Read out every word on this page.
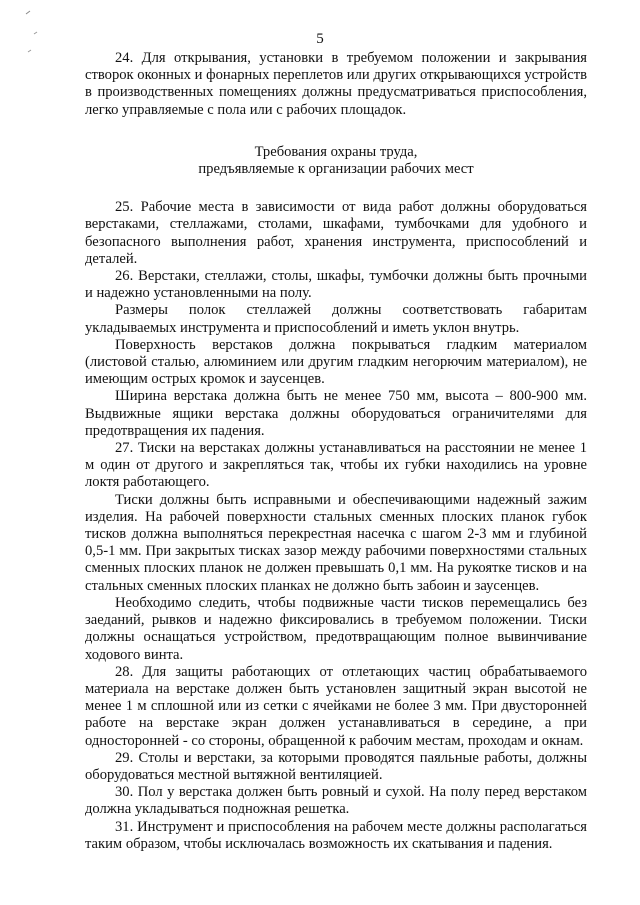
5

24. Для открывания, установки в требуемом положении и закрывания створок оконных и фонарных переплетов или других открывающихся устройств в производственных помещениях должны предусматриваться приспособления, легко управляемые с пола или с рабочих площадок.

Требования охраны труда,
предъявляемые к организации рабочих мест

25. Рабочие места в зависимости от вида работ должны оборудоваться верстаками, стеллажами, столами, шкафами, тумбочками для удобного и безопасного выполнения работ, хранения инструмента, приспособлений и деталей.

26. Верстаки, стеллажи, столы, шкафы, тумбочки должны быть прочными и надежно установленными на полу.

Размеры полок стеллажей должны соответствовать габаритам укладываемых инструмента и приспособлений и иметь уклон внутрь.

Поверхность верстаков должна покрываться гладким материалом (листовой сталью, алюминием или другим гладким негорючим материалом), не имеющим острых кромок и заусенцев.

Ширина верстака должна быть не менее 750 мм, высота – 800-900 мм. Выдвижные ящики верстака должны оборудоваться ограничителями для предотвращения их падения.

27. Тиски на верстаках должны устанавливаться на расстоянии не менее 1 м один от другого и закрепляться так, чтобы их губки находились на уровне локтя работающего.

Тиски должны быть исправными и обеспечивающими надежный зажим изделия. На рабочей поверхности стальных сменных плоских планок губок тисков должна выполняться перекрестная насечка с шагом 2-3 мм и глубиной 0,5-1 мм. При закрытых тисках зазор между рабочими поверхностями стальных сменных плоских планок не должен превышать 0,1 мм. На рукоятке тисков и на стальных сменных плоских планках не должно быть забоин и заусенцев.

Необходимо следить, чтобы подвижные части тисков перемещались без заеданий, рывков и надежно фиксировались в требуемом положении. Тиски должны оснащаться устройством, предотвращающим полное вывинчивание ходового винта.

28. Для защиты работающих от отлетающих частиц обрабатываемого материала на верстаке должен быть установлен защитный экран высотой не менее 1 м сплошной или из сетки с ячейками не более 3 мм. При двусторонней работе на верстаке экран должен устанавливаться в середине, а при односторонней - со стороны, обращенной к рабочим местам, проходам и окнам.

29. Столы и верстаки, за которыми проводятся паяльные работы, должны оборудоваться местной вытяжной вентиляцией.

30. Пол у верстака должен быть ровный и сухой. На полу перед верстаком должна укладываться подножная решетка.

31. Инструмент и приспособления на рабочем месте должны располагаться таким образом, чтобы исключалась возможность их скатывания и падения.
